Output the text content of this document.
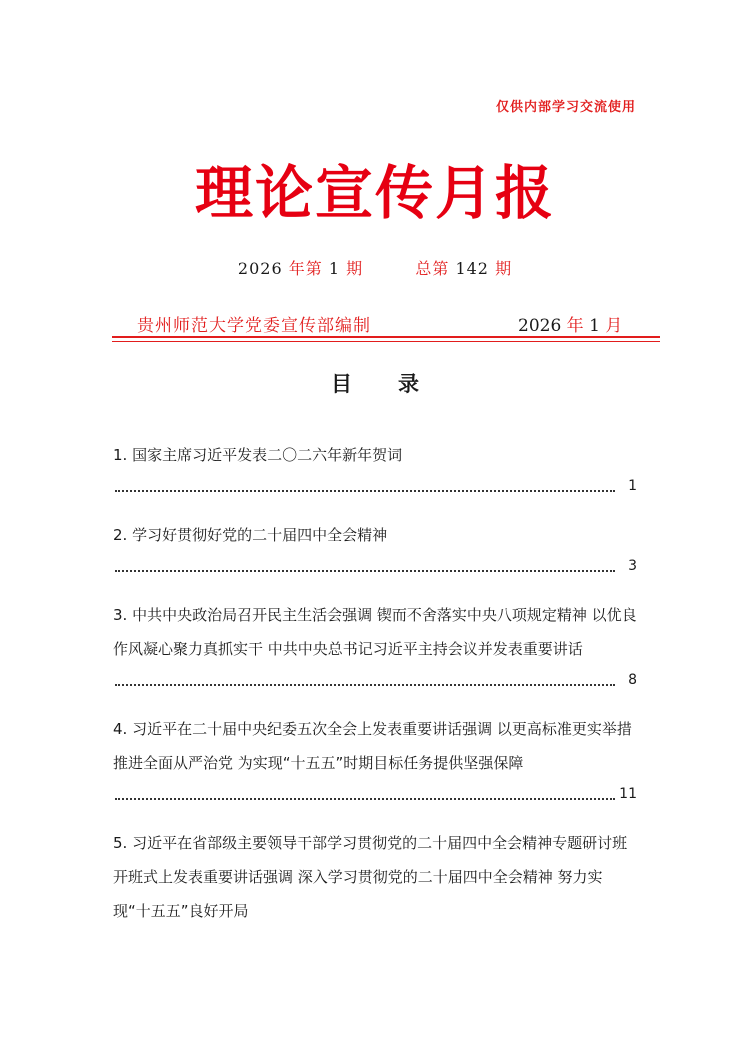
仅供内部学习交流使用
理论宣传月报
2026 年第 1 期	总第 142 期
贵州师范大学党委宣传部编制	2026 年 1 月
目录
1. 国家主席习近平发表二〇二六年新年贺词
1
2. 学习好贯彻好党的二十届四中全会精神
3
3. 中共中央政治局召开民主生活会强调 锲而不舍落实中央八项规定精神 以优良作风凝心聚力真抓实干 中共中央总书记习近平主持会议并发表重要讲话
8
4. 习近平在二十届中央纪委五次全会上发表重要讲话强调 以更高标准更实举措推进全面从严治党 为实现“十五五”时期目标任务提供坚强保障
11
5. 习近平在省部级主要领导干部学习贯彻党的二十届四中全会精神专题研讨班开班式上发表重要讲话强调 深入学习贯彻党的二十届四中全会精神 努力实现“十五五”良好开局
